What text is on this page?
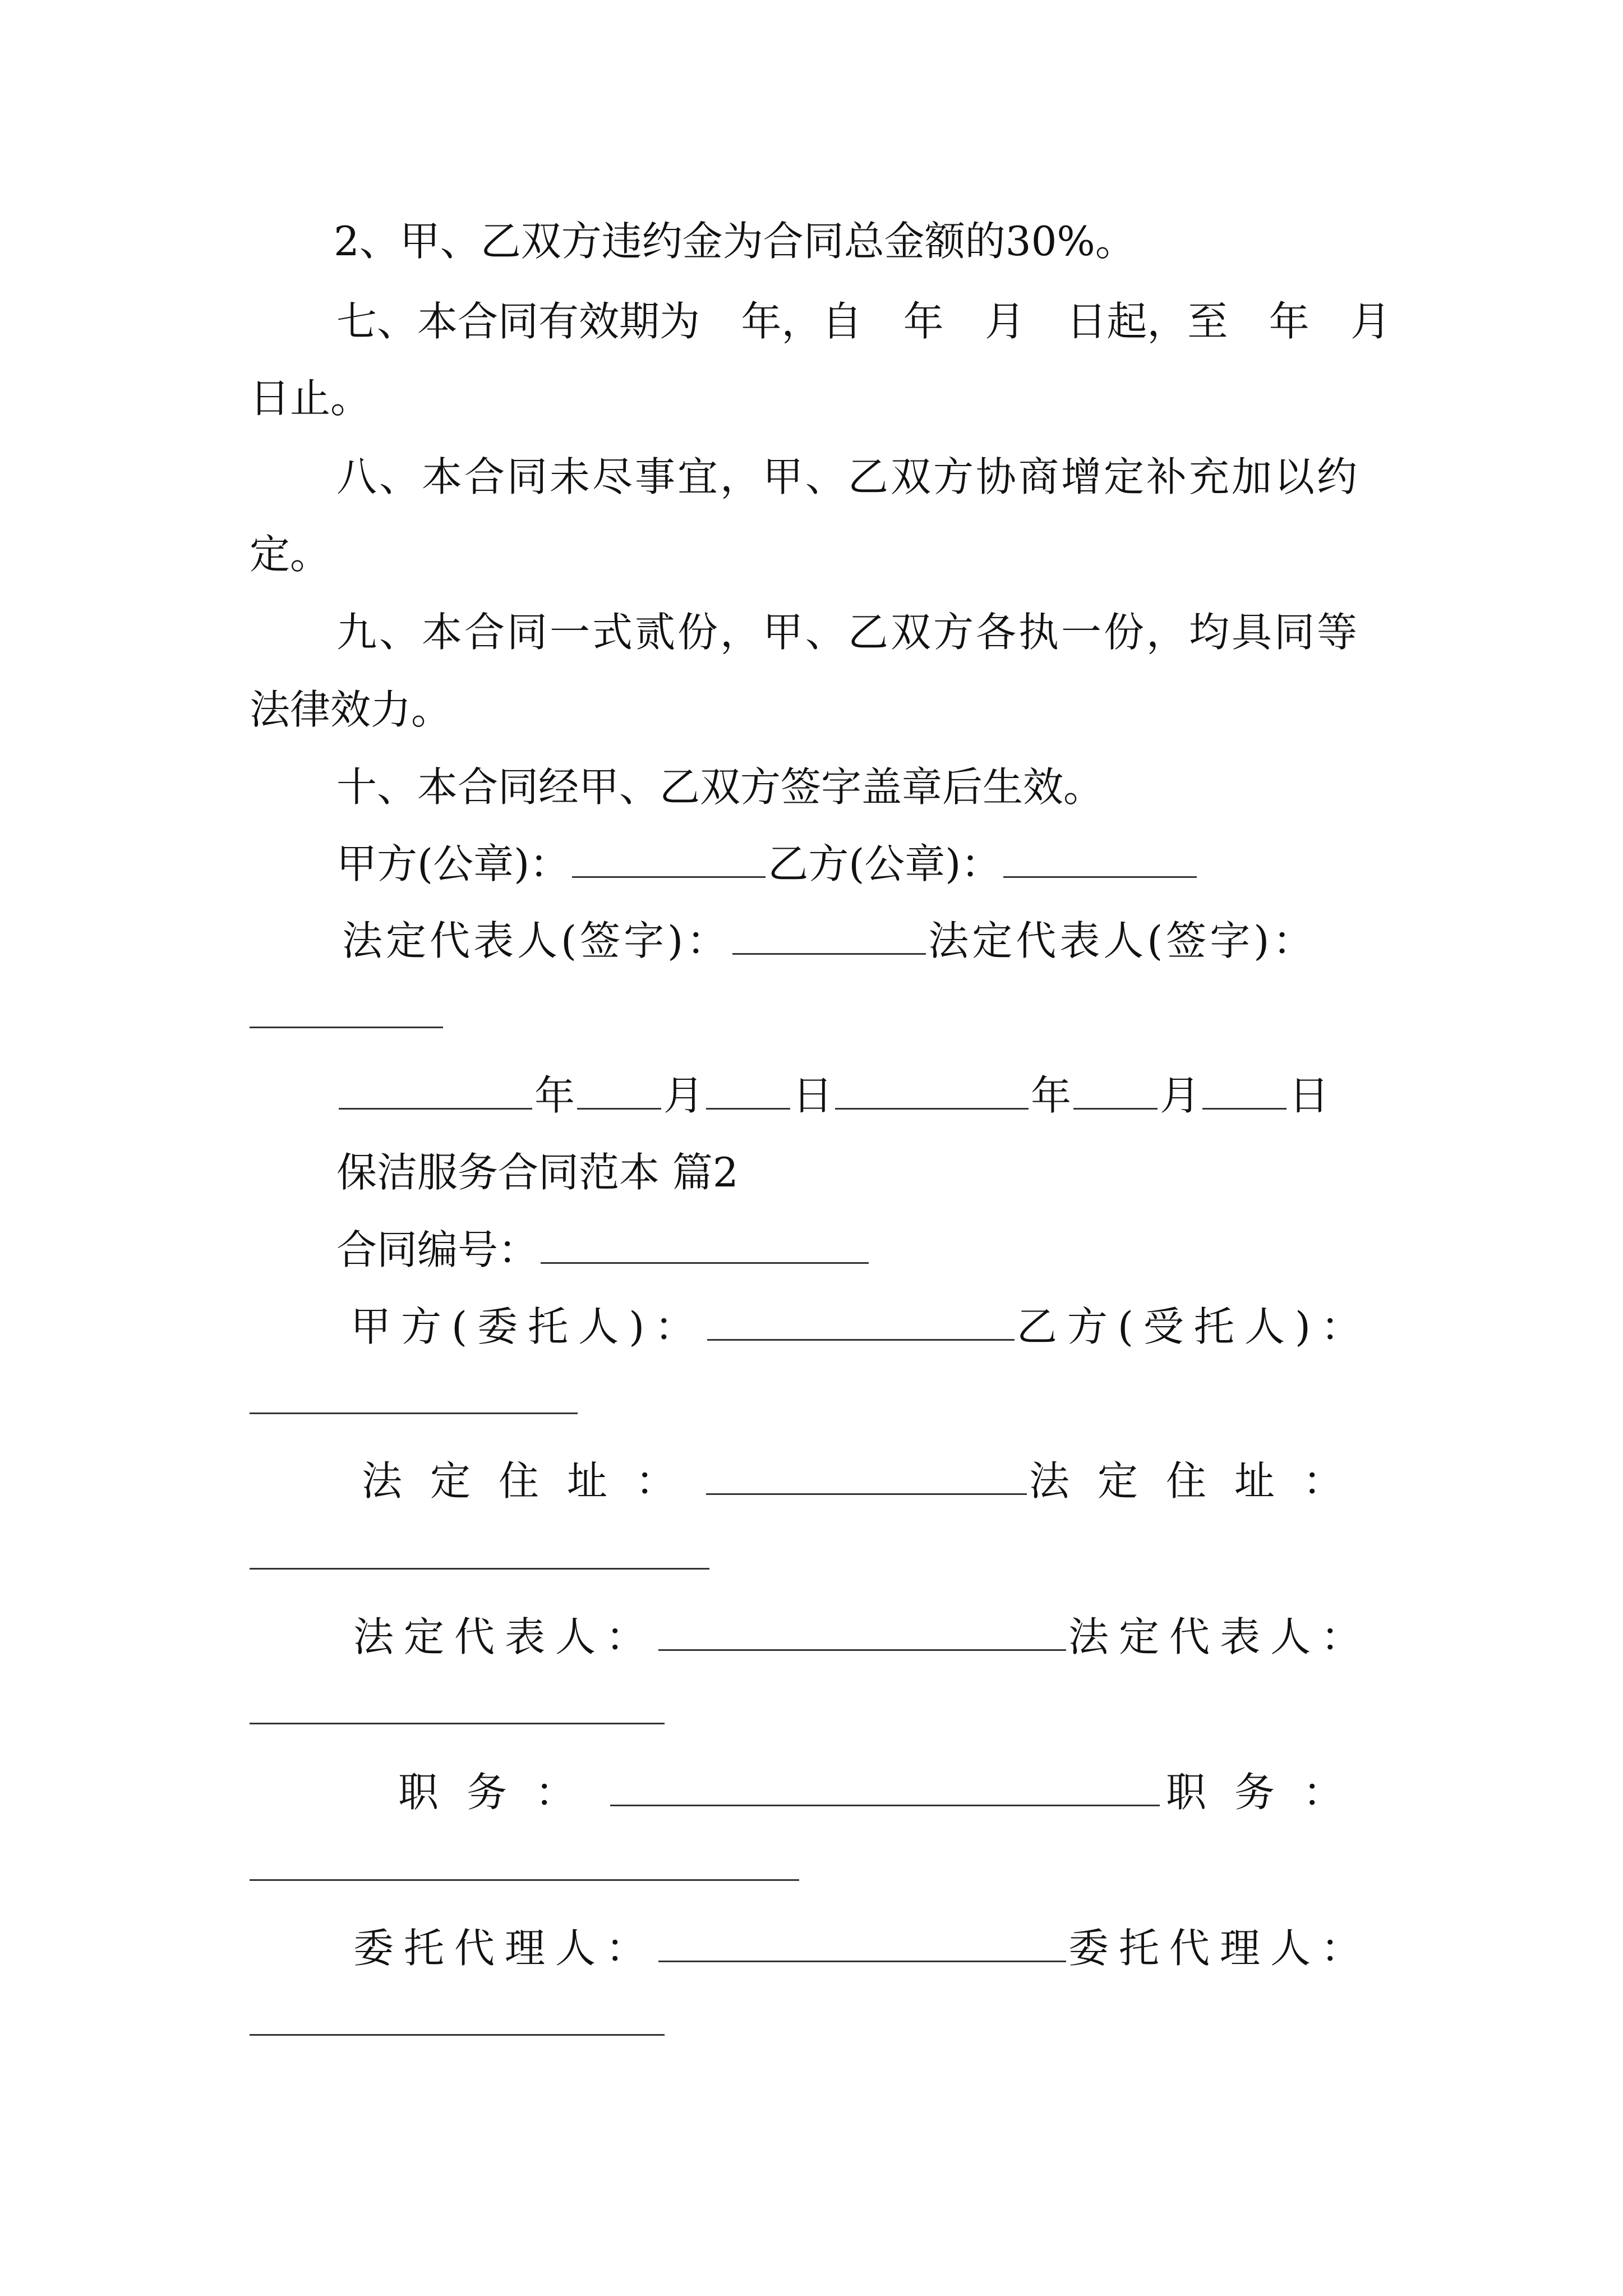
2、甲、乙双方违约金为合同总金额的30%。

七、本合同有效期为 年，自 年 月 日起，至 年 月

日止。

八、本合同未尽事宜，甲、乙双方协商增定补充加以约

定。

九、本合同一式贰份，甲、乙双方各执一份，均具同等

法律效力。

十、本合同经甲、乙双方签字盖章后生效。

甲方(公章)：	乙方(公章)：

法定代表人(签字)：	法定代表人(签字)：

年 月 日	年 月 日

保洁服务合同范本 篇2

合同编号：

甲方(委托人)：	乙方(受托人)：

法定住址：	法定住址：

法定代表人：	法定代表人：

职务：	职务：

委托代理人：	委托代理人：
